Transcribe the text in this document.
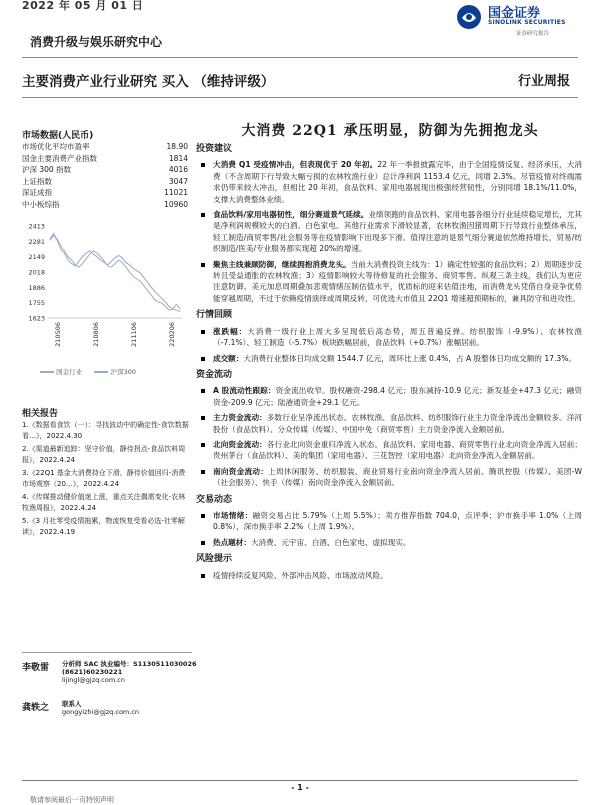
2022 年 05 月 01 日
国金证券
SINOLINK SECURITIES
证券研究报告
消费升级与娱乐研究中心
主要消费产业行业研究 买入 （维持评级）	行业周报
市场数据(人民币)
市场优化平均市盈率	18.90
国金主要消费产业指数	1814
沪深 300 指数	4016
上证指数	3047
深证成指	11021
中小板综指	10960
2413
2281
2149
2018
1886
1755
1623
210506	210806	211106	220206
国金行业	沪深300
相关报告

1.《数据看食饮（一）：寻找波动中的确定性-食饮数据看…》，2022.4.30

2.《渠道最新追踪：坚守价值，静待拐点-食品饮料周报》，2022.4.24

3.《22Q1 基金大消费持仓下滑，静待价值回归-消费市场观察（20…》，2022.4.24

4.《传媒推动健价值迷上涨，重点关注偶需变化-农林牧渔周报》，2022.4.24

5.《3 月社零受疫情拖累，物流恢复受看必选-社零解读》，2022.4.19

李敬雷 分析师 SAC 执业编号：S1130511030026
(8621)60230221
lijingl@gjzq.com.cn
龚轶之 联系人
gongyizhi@gjzq.com.cn
大消费 22Q1 承压明显，防御为先拥抱龙头
投资建议
大消费 Q1 受疫情冲击，但表现优于 20 年初。22 年一季报披露完毕，由于全国疫情反复、经济承压，大消费（不含周期下行导致大幅亏损的农林牧渔行业）总计净利润 1153.4 亿元，同增 2.3%。尽管疫情对终端需求仍带来较大冲击，但相比 20 年初，食品饮料、家用电器展现出极强经营韧性，分别同增 18.1%/11.0%，支撑大消费整体业绩。
食品饮料/家用电器韧性，细分赛道景气延续。业绩领跑的食品饮料、家用电器各细分行业延续稳定增长，尤其是净利润规模较大的白酒、白色家电。其他行业需求下滑较显著，农林牧渔因猪周期下行导致行业整体承压，轻工制造/商贸零售/社会服务等在疫情影响下出现多下滑。值得注意的是景气细分赛道依然维持增长，贸易/纺织制造/医美/专业服务都实现超 20%的增速。
聚焦主线兼顾防御，继续拥抱消费龙头。当前大消费投资主线为：1）确定性较强的食品饮料；2）周期逐步反转且受益通胀的农林牧渔；3）疫情影响较大等待修复的社会服务、商贸零售。纵观三条主线，我们认为更应注意防御。美元加息周期叠加悲观情绪压制估值水平，优质标的迎来估值洼地，而消费龙头凭借自身竞争优势能穿越周期，不过于依赖疫情演绎或周期反转，可优选大市值且 22Q1 增速超预期标的，兼具防守和进攻性。
行情回顾
涨跌幅：大消费一级行业上周大多呈现低后高态势，周五普遍反弹。纺织服饰（-9.9%）、农林牧渔（-7.1%）、轻工制造（-5.7%）板块跌幅居前，食品饮料（+0.7%）涨幅居前。
成交额：大消费行业整体日均成交额 1544.7 亿元，周环比上涨 0.4%，占 A 股整体日均成交额的 17.3%。
资金流动
A 股流动性跟踪：资金流出收窄。股权融资-298.4 亿元；股东减持-10.9 亿元；新发基金+47.3 亿元；融资资金-209.9 亿元；陆港通资金+29.1 亿元。
主力资金流动：多数行业呈净流出状态。农林牧渔、食品饮料、纺织服饰行业主力资金净流出金额较多。洋河股份（食品饮料）、分众传媒（传媒）、中国中免（商贸零售）主力资金净流入金额居前。
北向资金流动：各行业北向资金重归净流入状态。食品饮料、家用电器、商贸零售行业北向资金净流入居前；贵州茅台（食品饮料）、美的集团（家用电器）、三花智控（家用电器）北向资金净流入金额居前。
南向资金流动：上周休闲服务、纺织服装、商业贸易行业南向资金净流入居前。腾讯控股（传媒）、美团-W（社会服务）、快手（传媒）南向资金净流入金额居前。
交易动态
市场情绪：融资交易占比 5.79%（上周 5.5%）；卖方推荐指数 704.0，点评季；沪市换手率 1.0%（上周 0.8%），深市换手率 2.2%（上周 1.9%）。
热点题材：大消费、元宇宙、白酒、白色家电、虚拟现实。
风险提示
疫情持续反复风险、外部冲击风险、市场波动风险。
- 1 -
敬请参阅最后一页特别声明
